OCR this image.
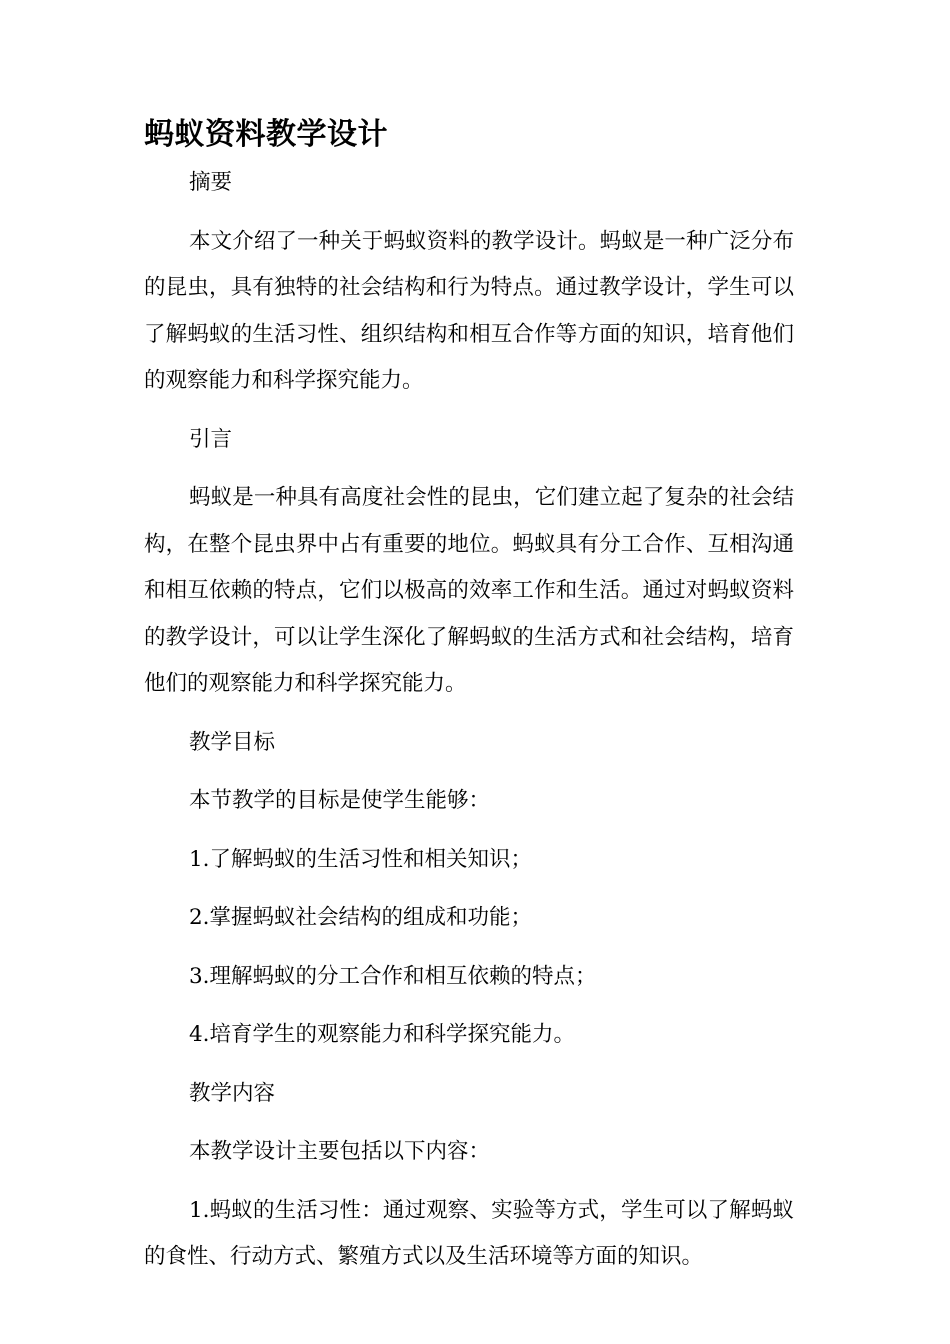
蚂蚁资料教学设计

摘要

本文介绍了一种关于蚂蚁资料的教学设计。蚂蚁是一种广泛分布的昆虫，具有独特的社会结构和行为特点。通过教学设计，学生可以了解蚂蚁的生活习性、组织结构和相互合作等方面的知识，培育他们的观察能力和科学探究能力。

引言

蚂蚁是一种具有高度社会性的昆虫，它们建立起了复杂的社会结构，在整个昆虫界中占有重要的地位。蚂蚁具有分工合作、互相沟通和相互依赖的特点，它们以极高的效率工作和生活。通过对蚂蚁资料的教学设计，可以让学生深化了解蚂蚁的生活方式和社会结构，培育他们的观察能力和科学探究能力。

教学目标

本节教学的目标是使学生能够：

1.了解蚂蚁的生活习性和相关知识；

2.掌握蚂蚁社会结构的组成和功能；

3.理解蚂蚁的分工合作和相互依赖的特点；

4.培育学生的观察能力和科学探究能力。

教学内容

本教学设计主要包括以下内容：

1.蚂蚁的生活习性：通过观察、实验等方式，学生可以了解蚂蚁的食性、行动方式、繁殖方式以及生活环境等方面的知识。
